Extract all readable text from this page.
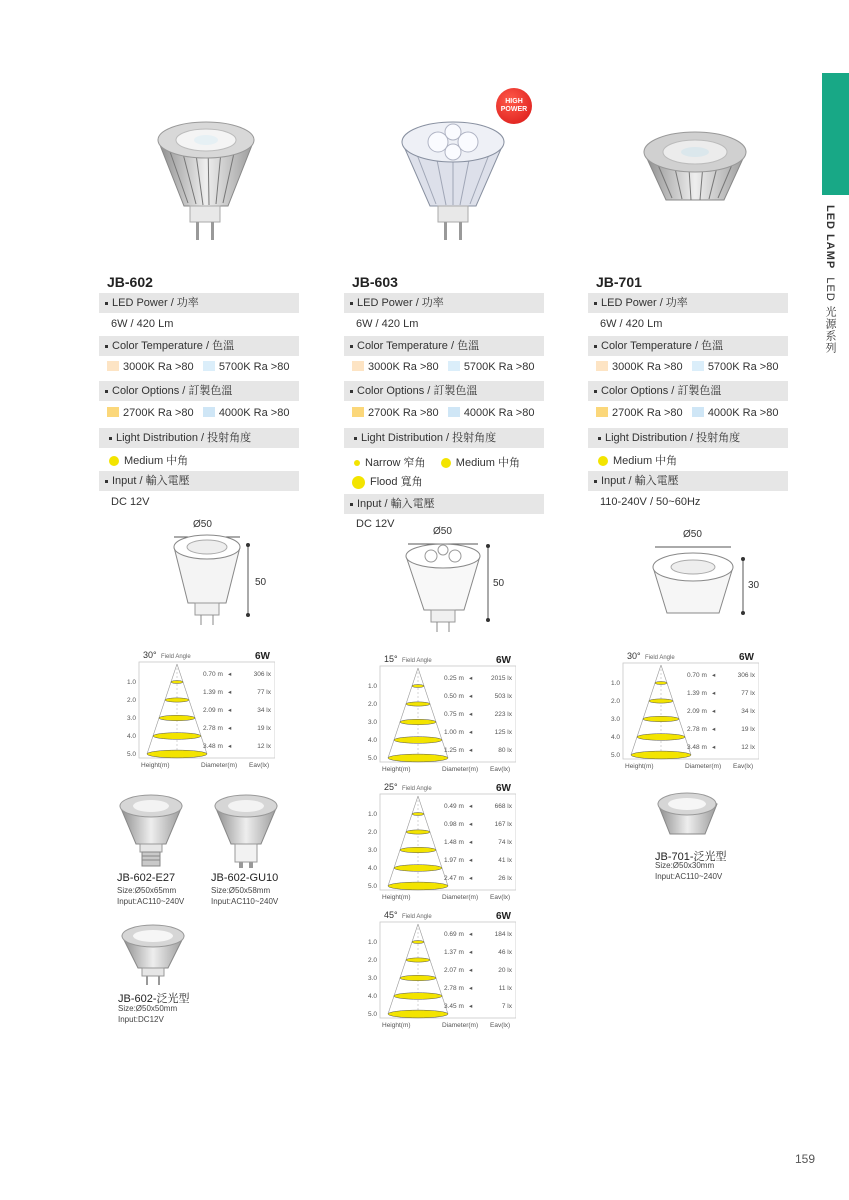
LED LAMP  LED 光源系列
HIGH
POWER
JB-602
LED Power / 功率
6W / 420 Lm
Color Temperature / 色溫
3000K Ra >80 5700K Ra >80
Color Options / 訂製色溫
2700K Ra >80 4000K Ra >80
Light Distribution / 投射角度
Medium 中角
Input / 輸入電壓
DC 12V
JB-603
LED Power / 功率
6W / 420 Lm
Color Temperature / 色溫
3000K Ra >80 5700K Ra >80
Color Options / 訂製色溫
2700K Ra >80 4000K Ra >80
Light Distribution / 投射角度
Narrow 窄角	Medium 中角
Flood 寬角
Input / 輸入電壓
DC 12V
JB-701
LED Power / 功率
6W / 420 Lm
Color Temperature / 色溫
3000K Ra >80 5700K Ra >80
Color Options / 訂製色溫
2700K Ra >80 4000K Ra >80
Light Distribution / 投射角度
Medium 中角
Input / 輸入電壓
110-240V / 50~60Hz
Ø50
50
Ø50
50
Ø50
30
30° Field Angle	6W
1.0
0.70 m ◂	306 lx
2.0
1.39 m ◂	77 lx
3.0
2.09 m ◂	34 lx
4.0
2.78 m ◂	19 lx
5.0
3.48 m ◂	12 lx
Height(m)	Diameter(m) Eav(lx)
15° Field Angle	6W
1.0
0.25 m ◂	2015 lx
2.0
0.50 m ◂	503 lx
3.0
0.75 m ◂	223 lx
4.0
1.00 m ◂	125 lx
5.0
1.25 m ◂	80 lx
Height(m)	Diameter(m) Eav(lx)
30° Field Angle	6W
1.0
0.70 m ◂	306 lx
2.0
1.39 m ◂	77 lx
3.0
2.09 m ◂	34 lx
4.0
2.78 m ◂	19 lx
5.0
3.48 m ◂	12 lx
Height(m)	Diameter(m) Eav(lx)
25° Field Angle	6W
1.0
0.49 m ◂	668 lx
2.0
0.98 m ◂	167 lx
3.0
1.48 m ◂	74 lx
4.0
1.97 m ◂	41 lx
5.0
2.47 m ◂	26 lx
Height(m)	Diameter(m) Eav(lx)
45° Field Angle	6W
1.0
0.69 m ◂	184 lx
2.0
1.37 m ◂	46 lx
3.0
2.07 m ◂	20 lx
4.0
2.78 m ◂	11 lx
5.0
3.45 m ◂	7 lx
Height(m)	Diameter(m) Eav(lx)
JB-602-E27
Size:Ø50x65mm
Input:AC110~240V
JB-602-GU10
Size:Ø50x58mm
Input:AC110~240V
JB-602-泛光型
Size:Ø50x50mm
Input:DC12V
JB-701-泛光型
Size:Ø50x30mm
Input:AC110~240V
159
